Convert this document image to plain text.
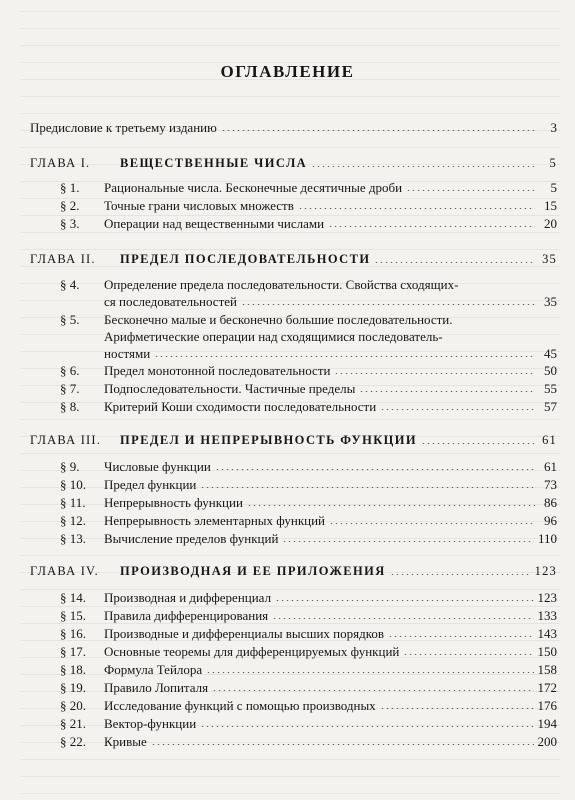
ОГЛАВЛЕНИЕ
Предисловие к третьему изданию	3
ГЛАВА I.	ВЕЩЕСТВЕННЫЕ ЧИСЛА	5
§ 1.	Рациональные числа. Бесконечные десятичные дроби	5
§ 2.	Точные грани числовых множеств	15
§ 3.	Операции над вещественными числами	20
ГЛАВА II.	ПРЕДЕЛ ПОСЛЕДОВАТЕЛЬНОСТИ	35
§ 4. Определение предела последовательности. Свойства сходящих-
ся последовательностей	35
§ 5. Бесконечно малые и бесконечно большие последовательности.
Арифметические операции над сходящимися последователь-
ностями	45
§ 6.	Предел монотонной последовательности	50
§ 7.	Подпоследовательности. Частичные пределы	55
§ 8.	Критерий Коши сходимости последовательности	57
ГЛАВА III.	ПРЕДЕЛ И НЕПРЕРЫВНОСТЬ ФУНКЦИИ	61
§ 9.	Числовые функции	61
§ 10.	Предел функции	73
§ 11.	Непрерывность функции	86
§ 12.	Непрерывность элементарных функций	96
§ 13.	Вычисление пределов функций	110
ГЛАВА IV.	ПРОИЗВОДНАЯ И ЕЕ ПРИЛОЖЕНИЯ	123
§ 14.	Производная и дифференциал	123
§ 15.	Правила дифференцирования	133
§ 16.	Производные и дифференциалы высших порядков	143
§ 17.	Основные теоремы для дифференцируемых функций	150
§ 18.	Формула Тейлора	158
§ 19.	Правило Лопиталя	172
§ 20.	Исследование функций с помощью производных	176
§ 21.	Вектор-функции	194
§ 22.	Кривые	200
